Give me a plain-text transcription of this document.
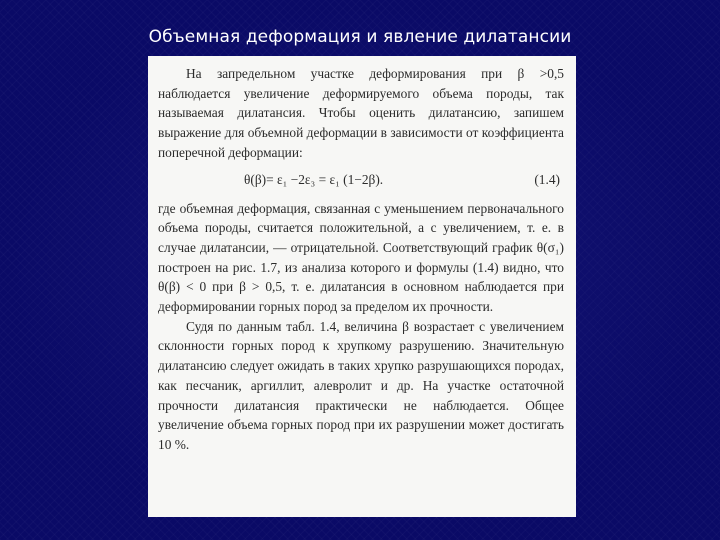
Объемная деформация и явление дилатансии

На запредельном участке деформирования при β >0,5 наблюдается увеличение деформируемого объема породы, так называемая дилатансия. Чтобы оценить дилатансию, запишем выражение для объемной деформации в зависимости от коэффициента поперечной деформации:

θ(β)= ε₁ −2ε₃ = ε₁ (1−2β).	(1.4)

где объемная деформация, связанная с уменьшением первоначального объема породы, считается положительной, а с увеличением, т. е. в случае дилатансии, — отрицательной. Соответствующий график θ(σ₁) построен на рис. 1.7, из анализа которого и формулы (1.4) видно, что θ(β) < 0 при β > 0,5, т. е. дилатансия в основном наблюдается при деформировании горных пород за пределом их прочности.

Судя по данным табл. 1.4, величина β возрастает с увеличением склонности горных пород к хрупкому разрушению. Значительную дилатансию следует ожидать в таких хрупко разрушающихся породах, как песчаник, аргиллит, алевролит и др. На участке остаточной прочности дилатансия практически не наблюдается. Общее увеличение объема горных пород при их разрушении может достигать 10 %.
